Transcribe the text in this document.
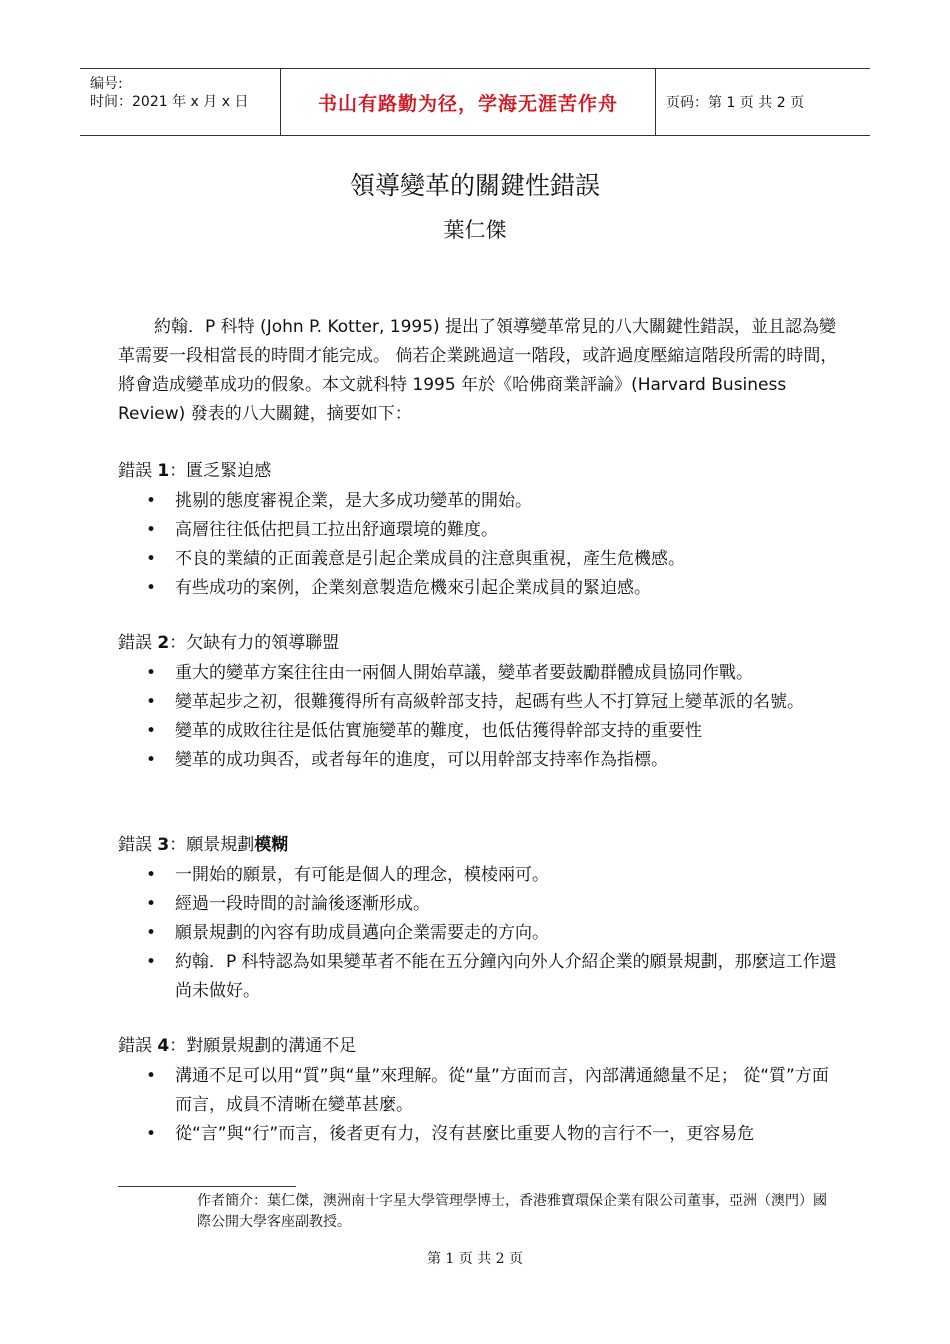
编号:
时间：2021 年 x 月 x 日	书山有路勤为径，学海无涯苦作舟	页码：第 1 页 共 2 页
領導變革的關鍵性錯誤
葉仁傑
約翰．P 科特 (John P. Kotter, 1995) 提出了領導變革常見的八大關鍵性錯誤，並且認為變革需要一段相當長的時間才能完成。 倘若企業跳過這一階段，或許過度壓縮這階段所需的時間，將會造成變革成功的假象。本文就科特 1995 年於《哈佛商業評論》(Harvard Business Review) 發表的八大關鍵，摘要如下：
錯誤 1：匱乏緊迫感
• 挑剔的態度審視企業，是大多成功變革的開始。
• 高層往往低估把員工拉出舒適環境的難度。
• 不良的業績的正面義意是引起企業成員的注意與重視，產生危機感。
• 有些成功的案例，企業刻意製造危機來引起企業成員的緊迫感。
錯誤 2：欠缺有力的領導聯盟
• 重大的變革方案往往由一兩個人開始草議，變革者要鼓勵群體成員協同作戰。
• 變革起步之初，很難獲得所有高級幹部支持，起碼有些人不打算冠上變革派的名號。
• 變革的成敗往往是低估實施變革的難度，也低估獲得幹部支持的重要性
• 變革的成功與否，或者每年的進度，可以用幹部支持率作為指標。
錯誤 3：願景規劃模糊
• 一開始的願景，有可能是個人的理念，模棱兩可。
• 經過一段時間的討論後逐漸形成。
• 願景規劃的內容有助成員邁向企業需要走的方向。
• 約翰．P 科特認為如果變革者不能在五分鐘內向外人介紹企業的願景規劃，那麼這工作還尚未做好。
錯誤 4：對願景規劃的溝通不足
• 溝通不足可以用“質”與“量”來理解。從“量”方面而言，內部溝通總量不足； 從“質”方面而言，成員不清晰在變革甚麼。
• 從“言”與“行”而言，後者更有力，沒有甚麼比重要人物的言行不一，更容易危
作者簡介：葉仁傑，澳洲南十字星大學管理學博士，香港雅寶環保企業有限公司董事，亞洲（澳門）國際公開大學客座副教授。
第 1 页 共 2 页
